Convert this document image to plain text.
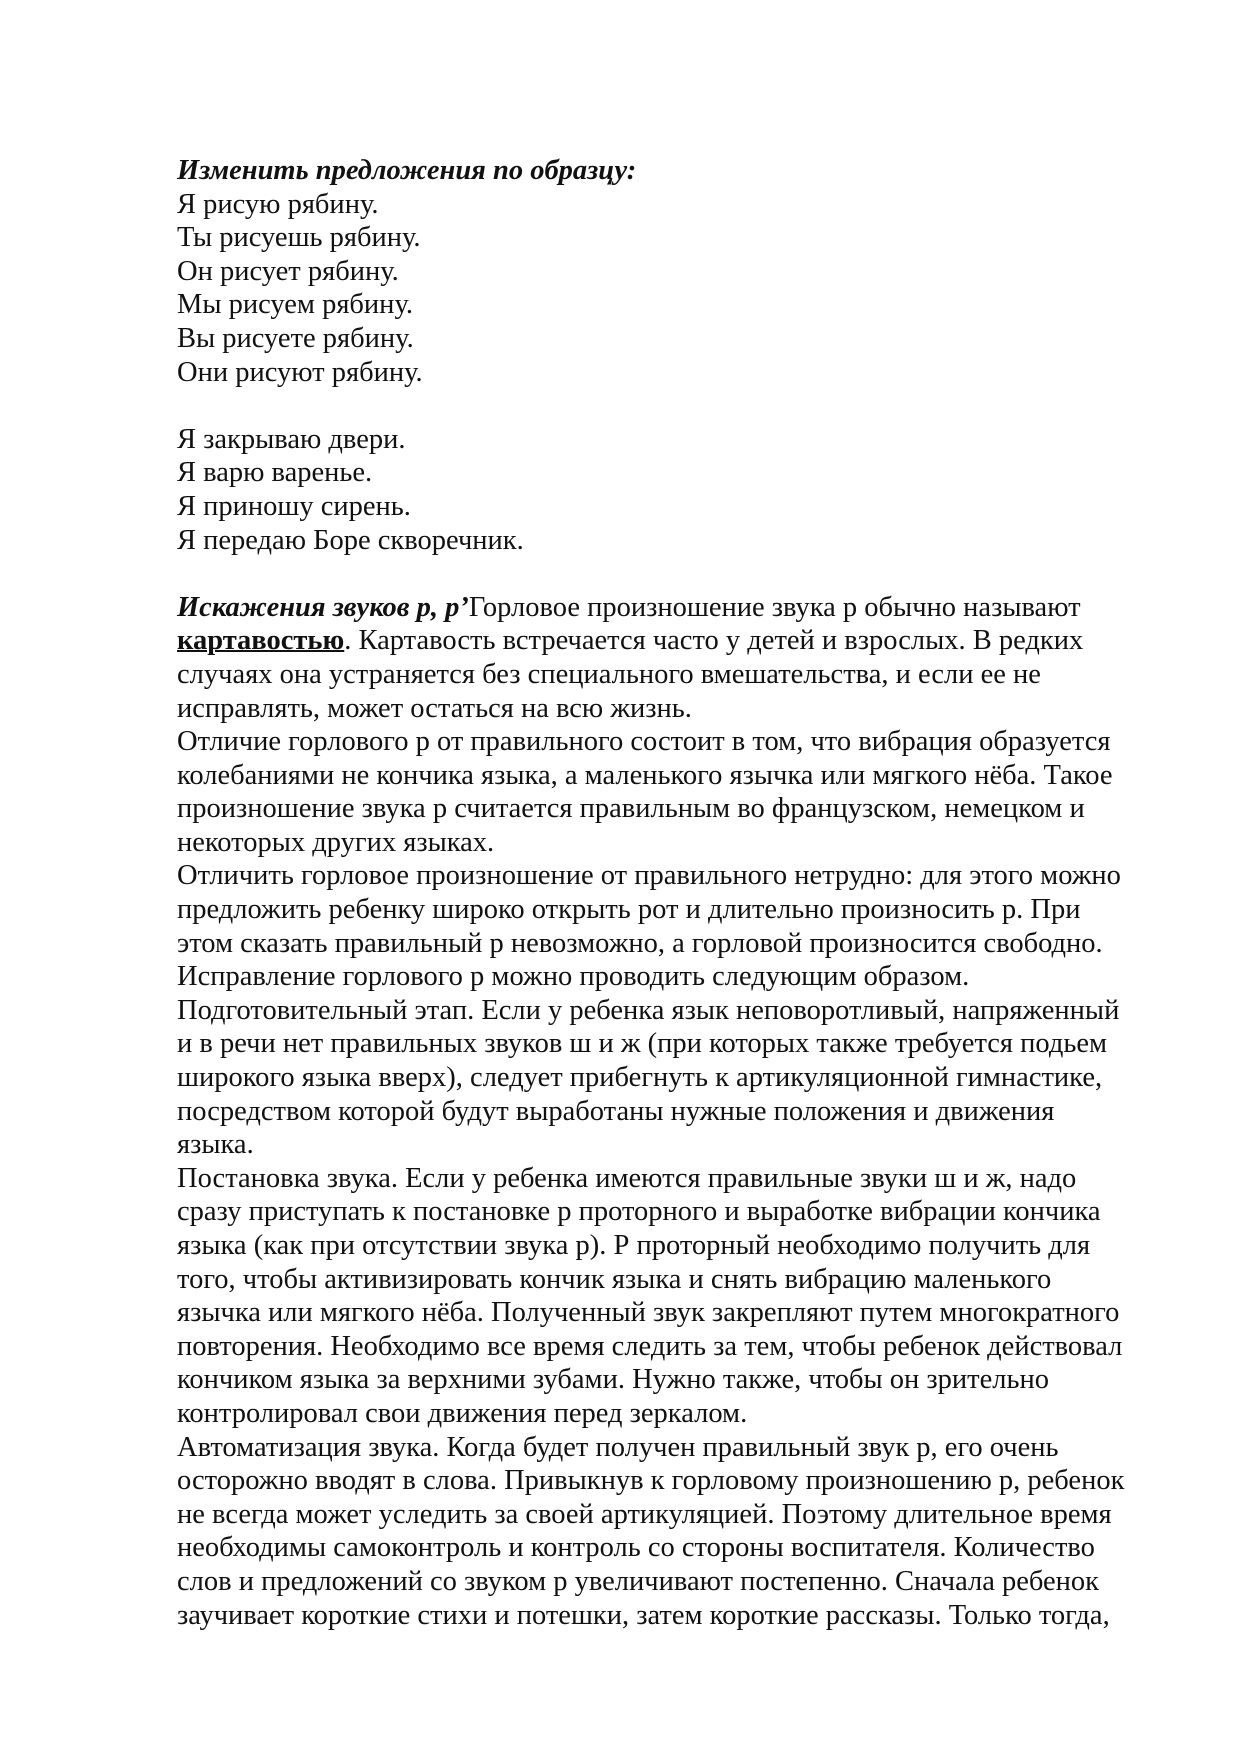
Изменить предложения по образцу:
Я рисую рябину.
Ты рисуешь рябину.
Он рисует рябину.
Мы рисуем рябину.
Вы рисуете рябину.
Они рисуют рябину.
Я закрываю двери.
Я варю варенье.
Я приношу сирень.
Я передаю Боре скворечник.
Искажения звуков р, р’Горловое произношение звука р обычно называют
картавостью. Картавость встречается часто у детей и взрослых. В редких
случаях она устраняется без специального вмешательства, и если ее не
исправлять, может остаться на всю жизнь.
Отличие горлового р от правильного состоит в том, что вибрация образуется
колебаниями не кончика языка, а маленького язычка или мягкого нёба. Такое
произношение звука р считается правильным во французском, немецком и
некоторых других языках.
Отличить горловое произношение от правильного нетрудно: для этого можно
предложить ребенку широко открыть рот и длительно произносить р. При
этом сказать правильный р невозможно, а горловой произносится свободно.
Исправление горлового р можно проводить следующим образом.
Подготовительный этап. Если у ребенка язык неповоротливый, напряженный
и в речи нет правильных звуков ш и ж (при которых также требуется подьем
широкого языка вверх), следует прибегнуть к артикуляционной гимнастике,
посредством которой будут выработаны нужные положения и движения
языка.
Постановка звука. Если у ребенка имеются правильные звуки ш и ж, надо
сразу приступать к постановке р проторного и выработке вибрации кончика
языка (как при отсутствии звука р). Р проторный необходимо получить для
того, чтобы активизировать кончик языка и снять вибрацию маленького
язычка или мягкого нёба. Полученный звук закрепляют путем многократного
повторения. Необходимо все время следить за тем, чтобы ребенок действовал
кончиком языка за верхними зубами. Нужно также, чтобы он зрительно
контролировал свои движения перед зеркалом.
Автоматизация звука. Когда будет получен правильный звук р, его очень
осторожно вводят в слова. Привыкнув к горловому произношению р, ребенок
не всегда может уследить за своей артикуляцией. Поэтому длительное время
необходимы самоконтроль и контроль со стороны воспитателя. Количество
слов и предложений со звуком р увеличивают постепенно. Сначала ребенок
заучивает короткие стихи и потешки, затем короткие рассказы. Только тогда,
